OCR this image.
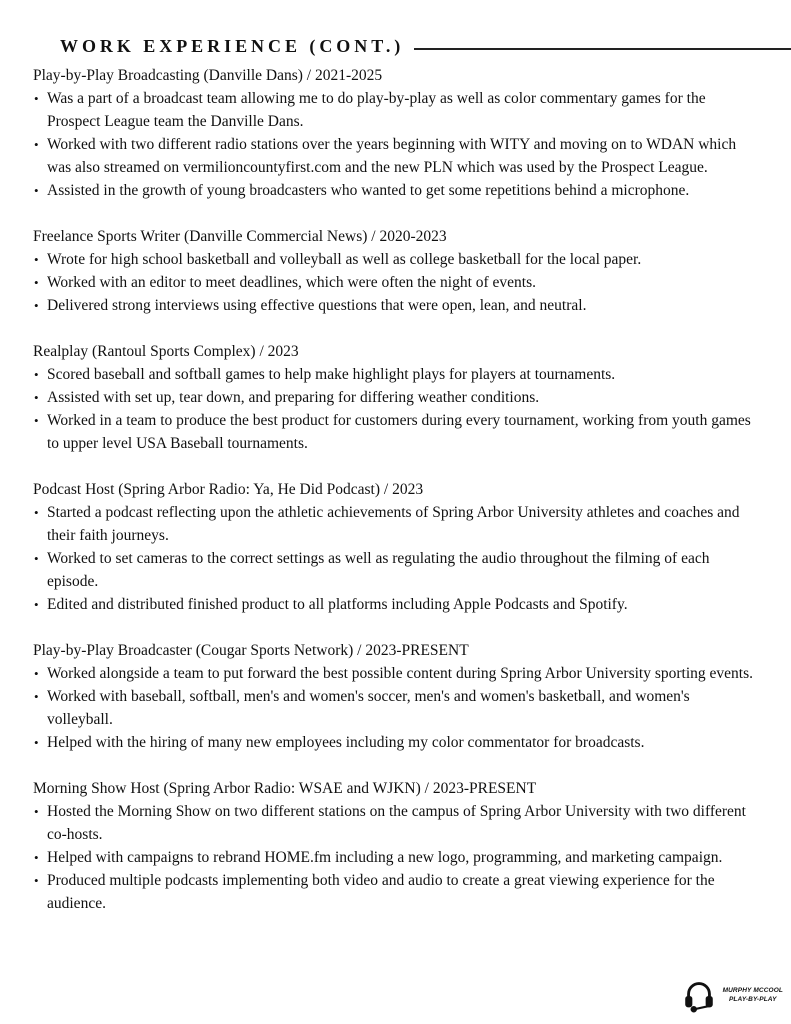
WORK EXPERIENCE (CONT.)
Play-by-Play Broadcasting (Danville Dans) / 2021-2025
• Was a part of a broadcast team allowing me to do play-by-play as well as color commentary games for the Prospect League team the Danville Dans.
• Worked with two different radio stations over the years beginning with WITY and moving on to WDAN which was also streamed on vermilioncountyfirst.com and the new PLN which was used by the Prospect League.
• Assisted in the growth of young broadcasters who wanted to get some repetitions behind a microphone.
Freelance Sports Writer (Danville Commercial News) / 2020-2023
• Wrote for high school basketball and volleyball as well as college basketball for the local paper.
• Worked with an editor to meet deadlines, which were often the night of events.
• Delivered strong interviews using effective questions that were open, lean, and neutral.
Realplay (Rantoul Sports Complex) / 2023
• Scored baseball and softball games to help make highlight plays for players at tournaments.
• Assisted with set up, tear down, and preparing for differing weather conditions.
• Worked in a team to produce the best product for customers during every tournament, working from youth games to upper level USA Baseball tournaments.
Podcast Host (Spring Arbor Radio: Ya, He Did Podcast) / 2023
• Started a podcast reflecting upon the athletic achievements of Spring Arbor University athletes and coaches and their faith journeys.
• Worked to set cameras to the correct settings as well as regulating the audio throughout the filming of each episode.
• Edited and distributed finished product to all platforms including Apple Podcasts and Spotify.
Play-by-Play Broadcaster (Cougar Sports Network) / 2023-PRESENT
• Worked alongside a team to put forward the best possible content during Spring Arbor University sporting events.
• Worked with baseball, softball, men's and women's soccer, men's and women's basketball, and women's volleyball.
• Helped with the hiring of many new employees including my color commentator for broadcasts.
Morning Show Host (Spring Arbor Radio: WSAE and WJKN) / 2023-PRESENT
• Hosted the Morning Show on two different stations on the campus of Spring Arbor University with two different co-hosts.
• Helped with campaigns to rebrand HOME.fm including a new logo, programming, and marketing campaign.
• Produced multiple podcasts implementing both video and audio to create a great viewing experience for the audience.
MURPHY MCCOOL
PLAY-BY-PLAY
